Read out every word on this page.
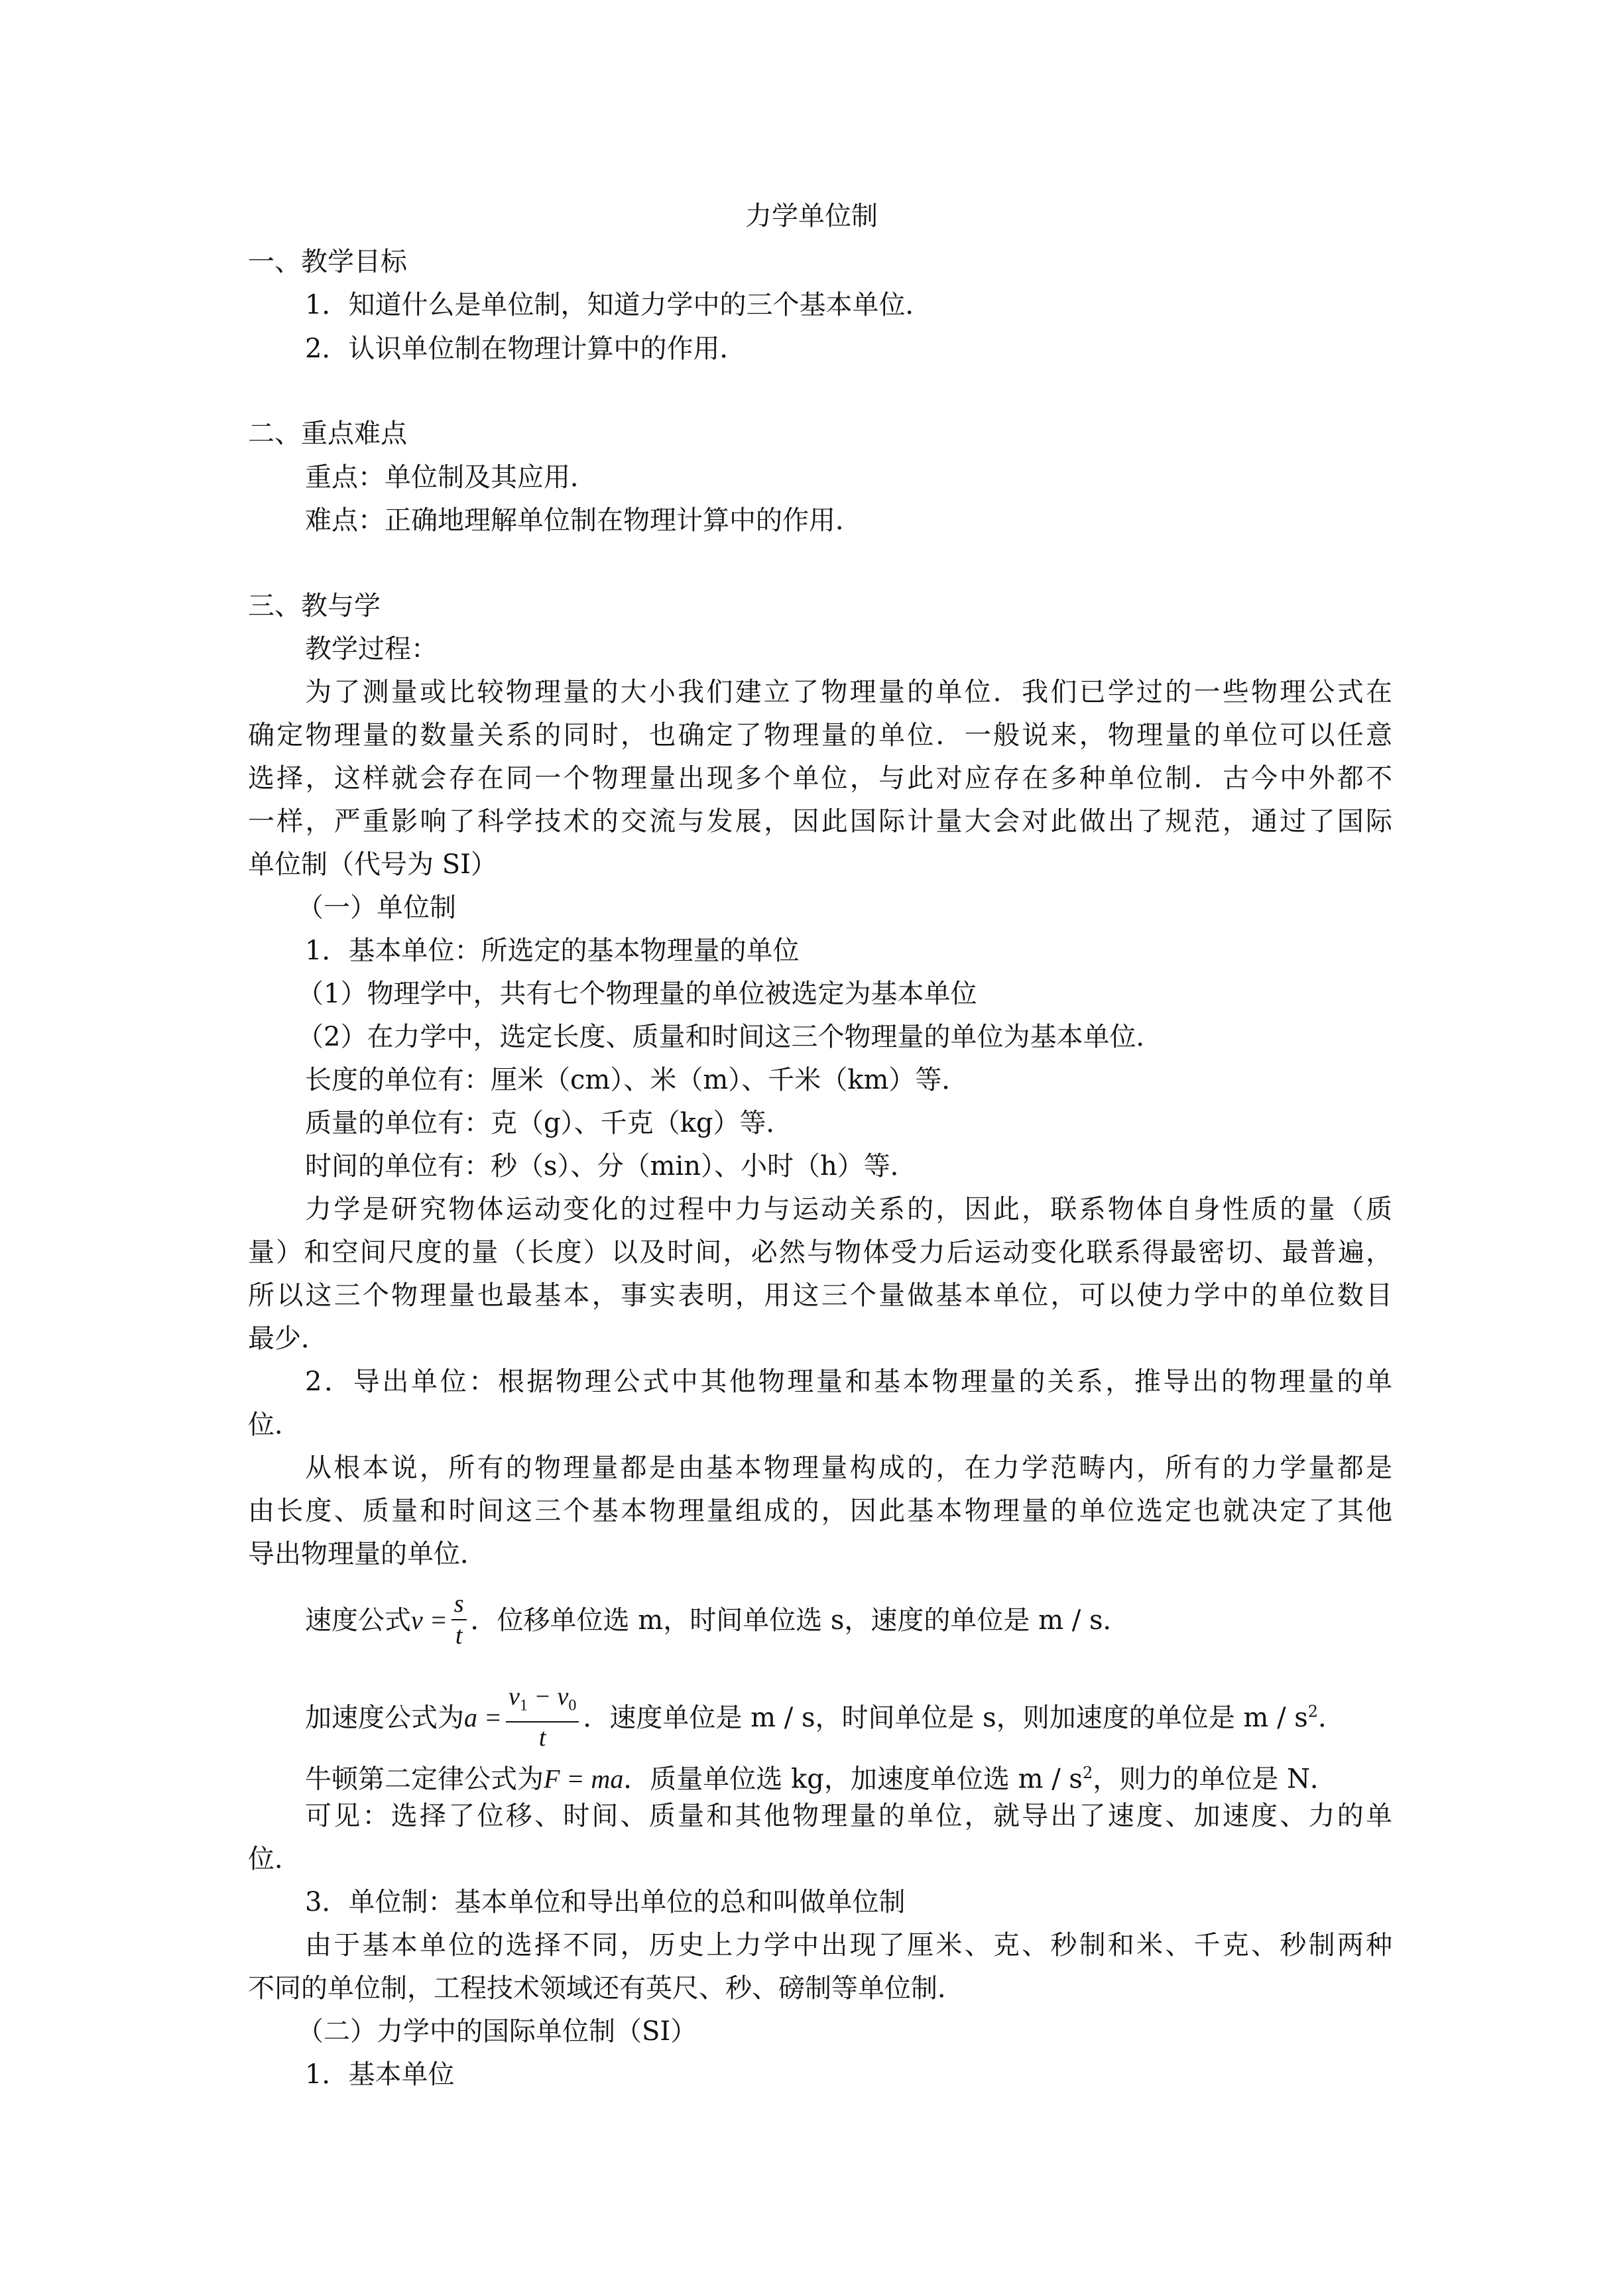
力学单位制
一、教学目标
1．知道什么是单位制，知道力学中的三个基本单位．
2．认识单位制在物理计算中的作用．
二、重点难点
重点：单位制及其应用．
难点：正确地理解单位制在物理计算中的作用．
三、教与学
教学过程：
为了测量或比较物理量的大小我们建立了物理量的单位．我们已学过的一些物理公式在
确定物理量的数量关系的同时，也确定了物理量的单位．一般说来，物理量的单位可以任意
选择，这样就会存在同一个物理量出现多个单位，与此对应存在多种单位制．古今中外都不
一样，严重影响了科学技术的交流与发展，因此国际计量大会对此做出了规范，通过了国际
单位制（代号为 SI）
（一）单位制
1．基本单位：所选定的基本物理量的单位
（1）物理学中，共有七个物理量的单位被选定为基本单位
（2）在力学中，选定长度、质量和时间这三个物理量的单位为基本单位．
长度的单位有：厘米（cm）、米（m）、千米（km）等．
质量的单位有：克（g）、千克（kg）等．
时间的单位有：秒（s）、分（min）、小时（h）等．
力学是研究物体运动变化的过程中力与运动关系的，因此，联系物体自身性质的量（质
量）和空间尺度的量（长度）以及时间，必然与物体受力后运动变化联系得最密切、最普遍，
所以这三个物理量也最基本，事实表明，用这三个量做基本单位，可以使力学中的单位数目
最少．
2．导出单位：根据物理公式中其他物理量和基本物理量的关系，推导出的物理量的单
位．
从根本说，所有的物理量都是由基本物理量构成的，在力学范畴内，所有的力学量都是
由长度、质量和时间这三个基本物理量组成的，因此基本物理量的单位选定也就决定了其他
导出物理量的单位．
速度公式$v = \frac{s}{t}$ ．位移单位选 m，时间单位选 s，速度的单位是 m / s．
加速度公式为$a = \frac{v_1 - v_0}{t}$ ．速度单位是 m / s，时间单位是 s，则加速度的单位是 m / $s^2$．
牛顿第二定律公式为F = ma．质量单位选 kg，加速度单位选 m / $s^2$，则力的单位是 N．
可见：选择了位移、时间、质量和其他物理量的单位，就导出了速度、加速度、力的单
位．
3．单位制：基本单位和导出单位的总和叫做单位制
由于基本单位的选择不同，历史上力学中出现了厘米、克、秒制和米、千克、秒制两种
不同的单位制，工程技术领域还有英尺、秒、磅制等单位制．
（二）力学中的国际单位制（SI）
1．基本单位
